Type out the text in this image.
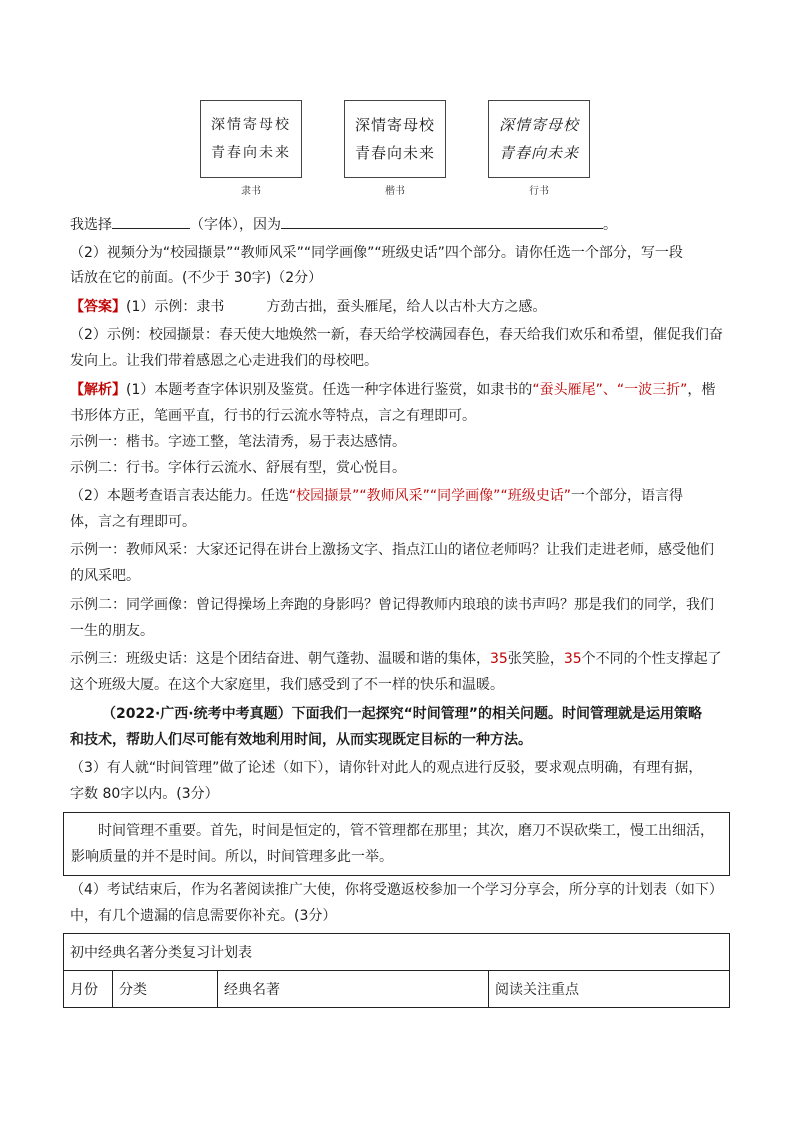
深情寄母校
青春向未来
隶书
深情寄母校
青春向未来
楷书
深情寄母校
青春向未来
行书
我选择	（字体），因为	。
（2）视频分为“校园撷景”“教师风采”“同学画像”“班级史话”四个部分。请你任选一个部分，写一段
话放在它的前面。(不少于 30字)（2分）
【答案】(1）示例：隶书	方劲古拙，蚕头雁尾，给人以古朴大方之感。
（2）示例：校园撷景：春天使大地焕然一新，春天给学校满园春色，春天给我们欢乐和希望，催促我们奋
发向上。让我们带着感恩之心走进我们的母校吧。
【解析】(1）本题考查字体识别及鉴赏。任选一种字体进行鉴赏，如隶书的“蚕头雁尾”、“一波三折”，楷
书形体方正，笔画平直，行书的行云流水等特点，言之有理即可。
示例一：楷书。字迹工整，笔法清秀，易于表达感情。
示例二：行书。字体行云流水、舒展有型，赏心悦目。
（2）本题考查语言表达能力。任选“校园撷景”“教师风采”“同学画像”“班级史话”一个部分，语言得
体，言之有理即可。
示例一：教师风采：大家还记得在讲台上激扬文字、指点江山的诸位老师吗？让我们走进老师，感受他们
的风采吧。
示例二：同学画像：曾记得操场上奔跑的身影吗？曾记得教师内琅琅的读书声吗？那是我们的同学，我们
一生的朋友。
示例三：班级史话：这是个团结奋进、朝气蓬勃、温暖和谐的集体，35张笑脸，35个不同的个性支撑起了
这个班级大厦。在这个大家庭里，我们感受到了不一样的快乐和温暖。
（2022·广西·统考中考真题）下面我们一起探究“时间管理”的相关问题。时间管理就是运用策略
和技术，帮助人们尽可能有效地利用时间，从而实现既定目标的一种方法。
（3）有人就“时间管理”做了论述（如下），请你针对此人的观点进行反驳，要求观点明确，有理有据，
字数 80字以内。(3分）
时间管理不重要。首先，时间是恒定的，管不管理都在那里；其次，磨刀不误砍柴工，慢工出细活，
影响质量的并不是时间。所以，时间管理多此一举。
（4）考试结束后，作为名著阅读推广大使，你将受邀返校参加一个学习分享会，所分享的计划表（如下）
中，有几个遗漏的信息需要你补充。(3分）
初中经典名著分类复习计划表
月份	分类	经典名著	阅读关注重点
